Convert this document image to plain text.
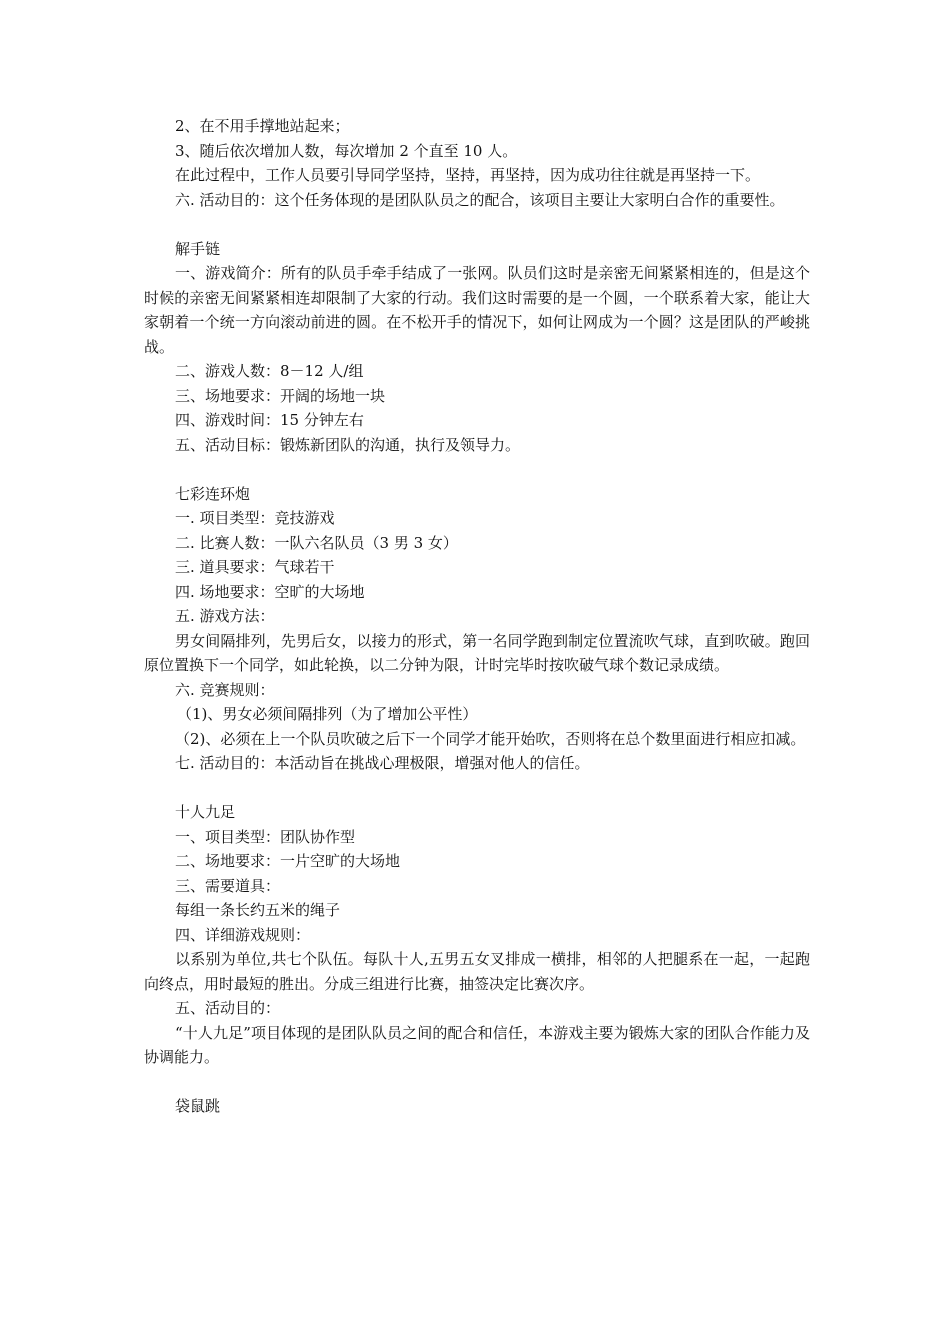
2、在不用手撑地站起来；

3、随后依次增加人数，每次增加 2 个直至 10 人。

在此过程中，工作人员要引导同学坚持，坚持，再坚持，因为成功往往就是再坚持一下。

六. 活动目的：这个任务体现的是团队队员之的配合，该项目主要让大家明白合作的重要性。

解手链

一、游戏简介：所有的队员手牵手结成了一张网。队员们这时是亲密无间紧紧相连的，但是这个时候的亲密无间紧紧相连却限制了大家的行动。我们这时需要的是一个圆，一个联系着大家，能让大家朝着一个统一方向滚动前进的圆。在不松开手的情况下，如何让网成为一个圆？这是团队的严峻挑战。

二、游戏人数：8－12 人/组

三、场地要求：开阔的场地一块

四、游戏时间：15 分钟左右

五、活动目标：锻炼新团队的沟通，执行及领导力。

七彩连环炮

一. 项目类型：竞技游戏

二. 比赛人数：一队六名队员（3 男 3 女）

三. 道具要求：气球若干

四. 场地要求：空旷的大场地

五. 游戏方法：

男女间隔排列，先男后女，以接力的形式，第一名同学跑到制定位置流吹气球，直到吹破。跑回原位置换下一个同学，如此轮换，以二分钟为限，计时完毕时按吹破气球个数记录成绩。

六. 竞赛规则：

（1)、男女必须间隔排列（为了增加公平性）

（2)、必须在上一个队员吹破之后下一个同学才能开始吹，否则将在总个数里面进行相应扣减。

七. 活动目的：本活动旨在挑战心理极限，增强对他人的信任。

十人九足

一、项目类型：团队协作型

二、场地要求：一片空旷的大场地

三、需要道具：

每组一条长约五米的绳子

四、详细游戏规则：

以系别为单位,共七个队伍。每队十人,五男五女叉排成一横排，相邻的人把腿系在一起，一起跑向终点，用时最短的胜出。分成三组进行比赛，抽签决定比赛次序。

五、活动目的：

“十人九足”项目体现的是团队队员之间的配合和信任，本游戏主要为锻炼大家的团队合作能力及协调能力。

袋鼠跳
